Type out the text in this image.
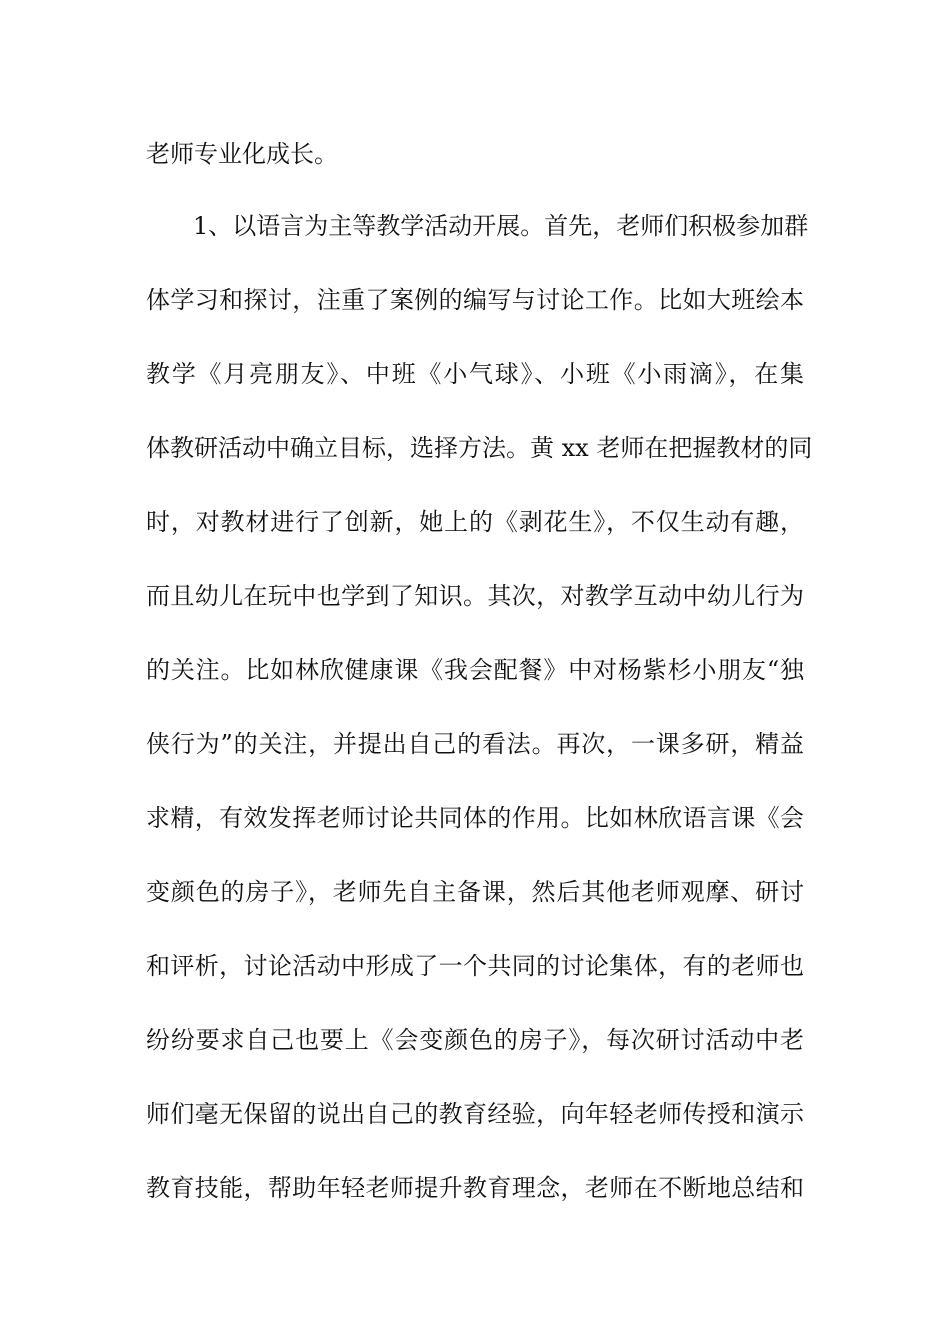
老师专业化成长。
1、以语言为主等教学活动开展。首先，老师们积极参加群
体学习和探讨，注重了案例的编写与讨论工作。比如大班绘本
教学《月亮朋友》、中班《小气球》、小班《小雨滴》，在集
体教研活动中确立目标，选择方法。黄 xx 老师在把握教材的同
时，对教材进行了创新，她上的《剥花生》，不仅生动有趣，
而且幼儿在玩中也学到了知识。其次，对教学互动中幼儿行为
的关注。比如林欣健康课《我会配餐》中对杨紫杉小朋友“独
侠行为”的关注，并提出自己的看法。再次，一课多研，精益
求精，有效发挥老师讨论共同体的作用。比如林欣语言课《会
变颜色的房子》，老师先自主备课，然后其他老师观摩、研讨
和评析，讨论活动中形成了一个共同的讨论集体，有的老师也
纷纷要求自己也要上《会变颜色的房子》，每次研讨活动中老
师们毫无保留的说出自己的教育经验，向年轻老师传授和演示
教育技能，帮助年轻老师提升教育理念，老师在不断地总结和
